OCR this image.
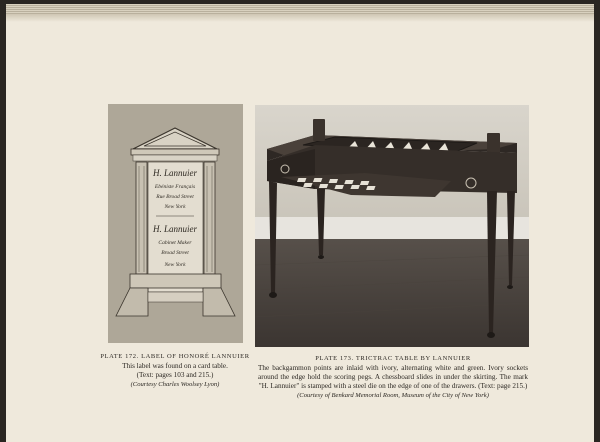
H. Lannuier
Ebéniste Français
Rue Broad Street
New York
H. Lannuier
Cabinet Maker
Broad Street
New York
PLATE 172. LABEL OF HONORÉ LANNUIER
This label was found on a card table.
(Text: pages 103 and 215.)
(Courtesy Charles Woolsey Lyon)
PLATE 173. TRICTRAC TABLE BY LANNUIER
The backgammon points are inlaid with ivory, alternating white and green. Ivory sockets around the edge hold the scoring pegs. A chessboard slides in under the skirting. The mark "H. Lannuier" is stamped with a steel die on the edge of one of the drawers. (Text: page 215.)
(Courtesy of Benkard Memorial Room, Museum of the City of New York)
